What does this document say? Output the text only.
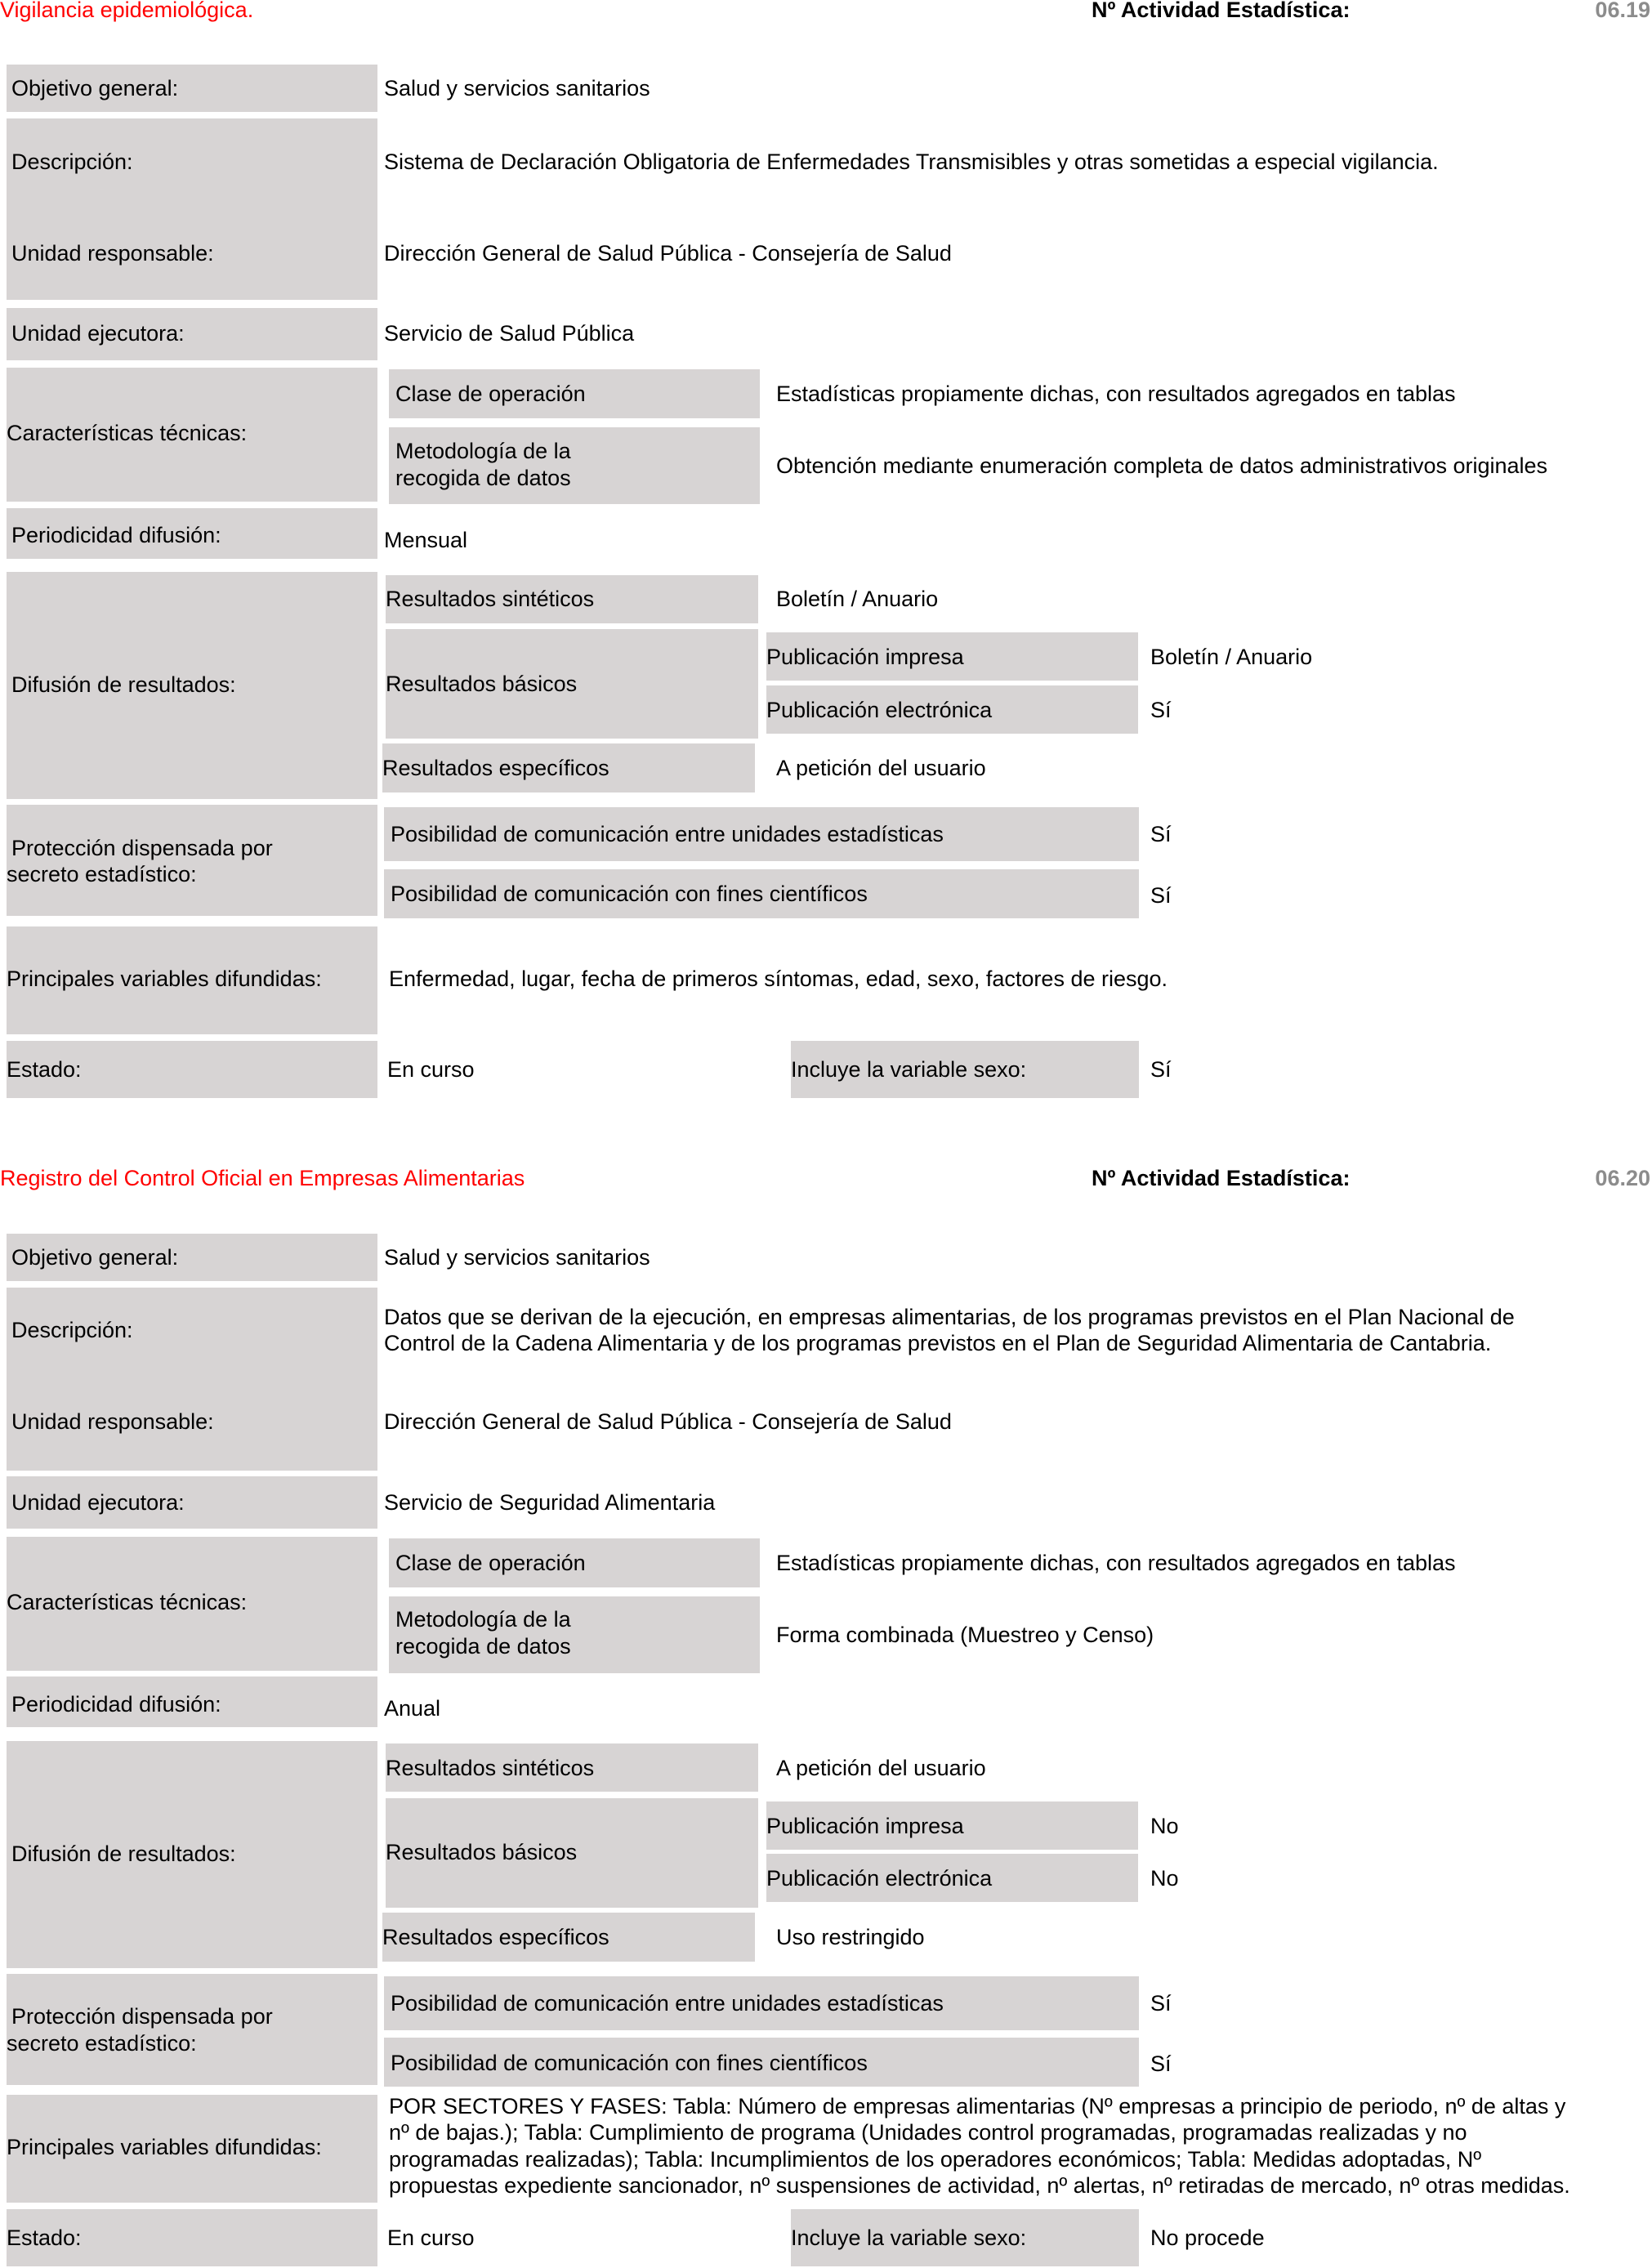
Vigilancia epidemiológica.	Nº Actividad Estadística:	06.19
Objetivo general:	Salud y servicios sanitarios
Descripción:	Sistema de Declaración Obligatoria de Enfermedades Transmisibles y otras sometidas a especial vigilancia.
Unidad responsable:	Dirección General de Salud Pública - Consejería de Salud
Unidad ejecutora:	Servicio de Salud Pública
Características técnicas:
Clase de operación	Estadísticas propiamente dichas, con resultados agregados en tablas
Metodología de la
recogida de datos	Obtención mediante enumeración completa de datos administrativos originales
Periodicidad difusión:	Mensual
Difusión de resultados:
Resultados sintéticos	Boletín / Anuario
Resultados básicos
Publicación impresa	Boletín / Anuario
Publicación electrónica	Sí
Resultados específicos	A petición del usuario
Protección dispensada por
secreto estadístico:
Posibilidad de comunicación entre unidades estadísticas	Sí
Posibilidad de comunicación con fines científicos	Sí
Principales variables difundidas:	Enfermedad, lugar, fecha de primeros síntomas, edad, sexo, factores de riesgo.
Estado:	En curso	Incluye la variable sexo:	Sí
Registro del Control Oficial en Empresas Alimentarias	Nº Actividad Estadística:	06.20
Objetivo general:	Salud y servicios sanitarios
Descripción:
Datos que se derivan de la ejecución, en empresas alimentarias, de los programas previstos en el Plan Nacional de
Control de la Cadena Alimentaria y de los programas previstos en el Plan de Seguridad Alimentaria de Cantabria.
Unidad responsable:	Dirección General de Salud Pública - Consejería de Salud
Unidad ejecutora:	Servicio de Seguridad Alimentaria
Características técnicas:
Clase de operación	Estadísticas propiamente dichas, con resultados agregados en tablas
Metodología de la
recogida de datos	Forma combinada (Muestreo y Censo)
Periodicidad difusión:	Anual
Difusión de resultados:
Resultados sintéticos	A petición del usuario
Resultados básicos
Publicación impresa	No
Publicación electrónica	No
Resultados específicos	Uso restringido
Protección dispensada por
secreto estadístico:
Posibilidad de comunicación entre unidades estadísticas	Sí
Posibilidad de comunicación con fines científicos	Sí
Principales variables difundidas:
POR SECTORES Y FASES: Tabla: Número de empresas alimentarias (Nº empresas a principio de periodo, nº de altas y
nº de bajas.); Tabla: Cumplimiento de programa (Unidades control programadas, programadas realizadas y no
programadas realizadas); Tabla: Incumplimientos de los operadores económicos; Tabla: Medidas adoptadas, Nº
propuestas expediente sancionador, nº suspensiones de actividad, nº alertas, nº retiradas de mercado, nº otras medidas.
Estado:	En curso	Incluye la variable sexo:	No procede
